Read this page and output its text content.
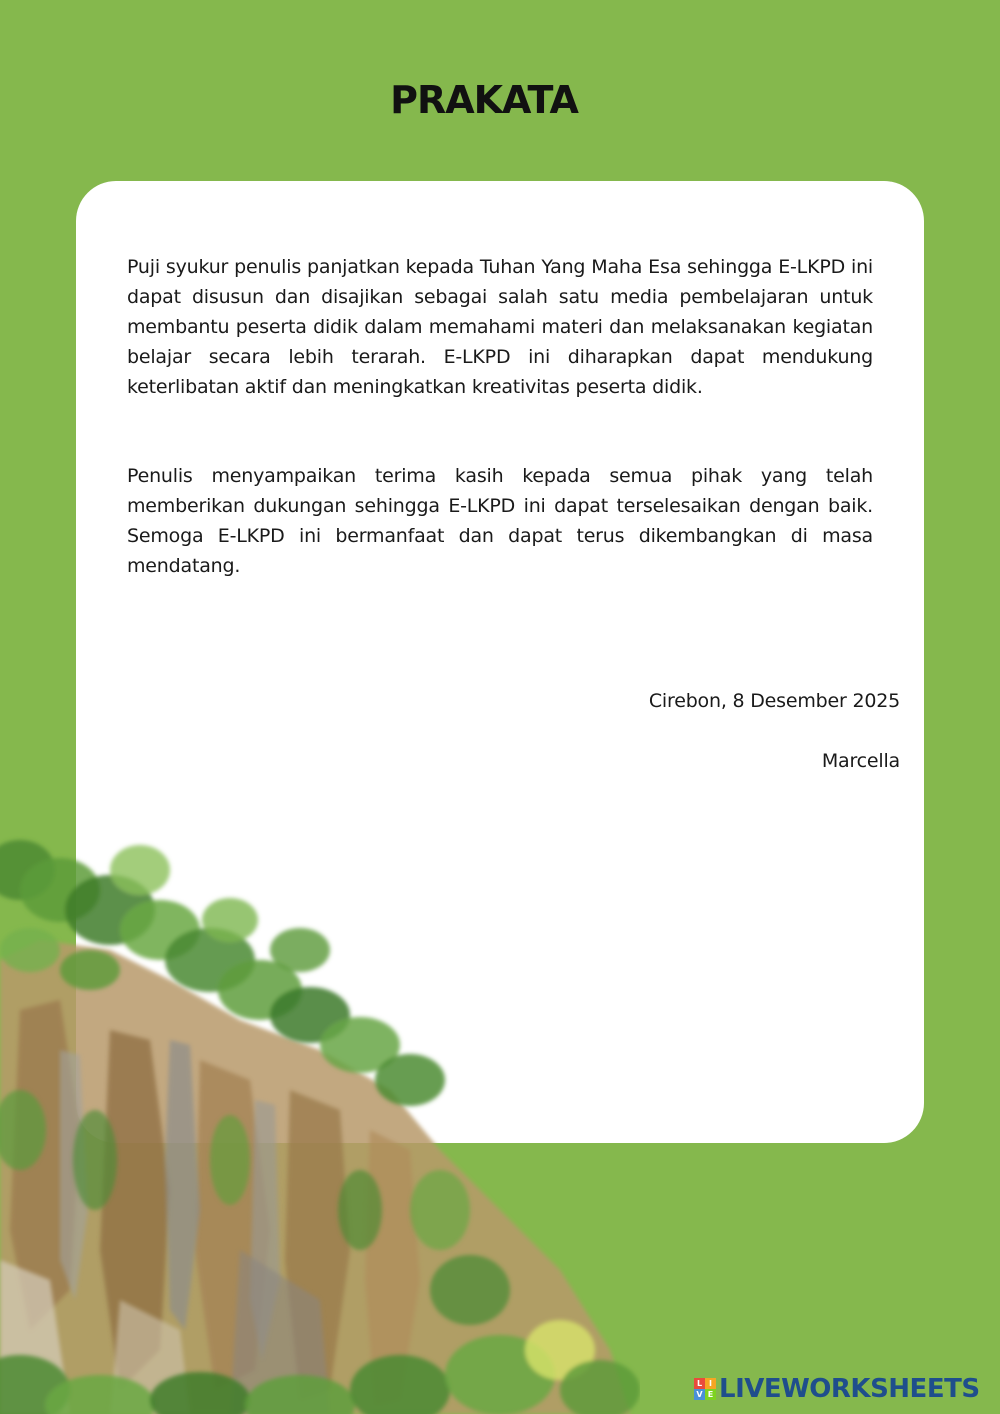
PRAKATA

Puji syukur penulis panjatkan kepada Tuhan Yang Maha Esa sehingga E-LKPD ini dapat disusun dan disajikan sebagai salah satu media pembelajaran untuk membantu peserta didik dalam memahami materi dan melaksanakan kegiatan belajar secara lebih terarah. E-LKPD ini diharapkan dapat mendukung keterlibatan aktif dan meningkatkan kreativitas peserta didik.

Penulis menyampaikan terima kasih kepada semua pihak yang telah memberikan dukungan sehingga E-LKPD ini dapat terselesaikan dengan baik. Semoga E-LKPD ini bermanfaat dan dapat terus dikembangkan di masa mendatang.

Cirebon, 8 Desember 2025

Marcella

L I
V E LIVEWORKSHEETS
